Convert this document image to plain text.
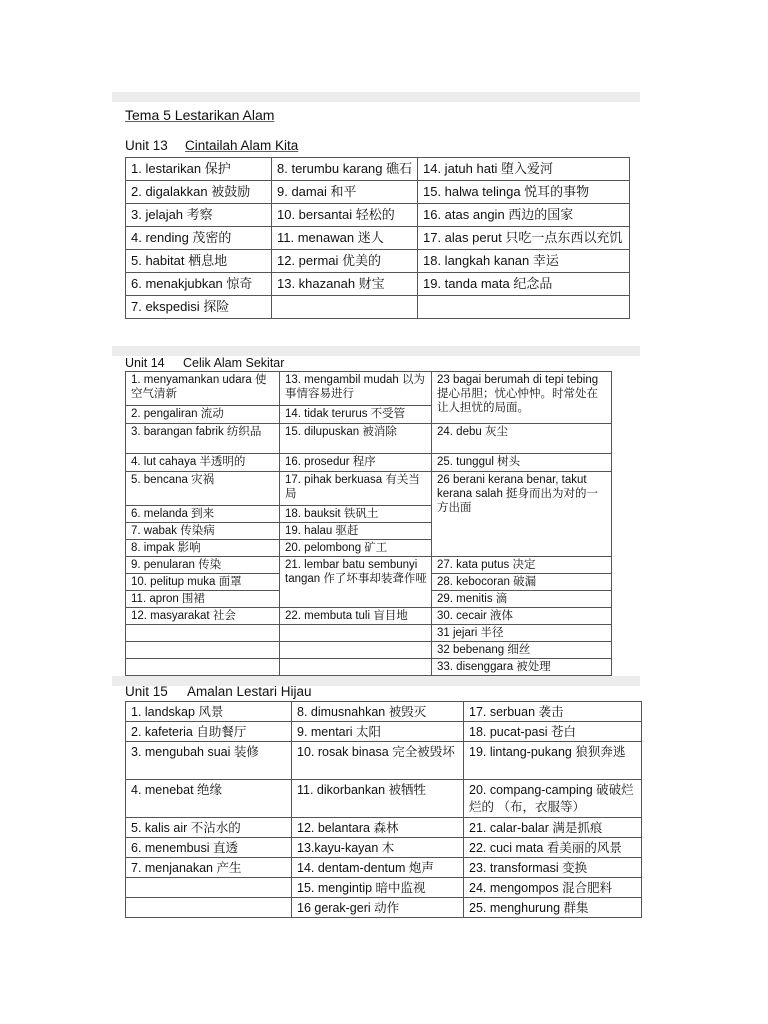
Tema 5 Lestarikan Alam
Unit 13 Cintailah Alam Kita
1. lestarikan 保护	8. terumbu karang 礁石	14. jatuh hati 堕入爱河
2. digalakkan 被鼓励	9. damai 和平	15. halwa telinga 悦耳的事物
3. jelajah 考察	10. bersantai 轻松的	16. atas angin 西边的国家
4. rending 茂密的	11. menawan 迷人	17. alas perut 只吃一点东西以充饥
5. habitat 栖息地	12. permai 优美的	18. langkah kanan 幸运
6. menakjubkan 惊奇	13. khazanah 财宝	19. tanda mata 纪念品
7. ekspedisi 探险		
Unit 14 Celik Alam Sekitar
1. menyamankan udara 使空气清新	13. mengambil mudah 以为事情容易进行	23 bagai berumah di tepi tebing 提心吊胆；忧心忡忡。时常处在让人担忧的局面。
2. pengaliran 流动	14. tidak terurus 不受管	
3. barangan fabrik 纺织品	15. dilupuskan 被消除	24. debu 灰尘
4. lut cahaya 半透明的	16. prosedur 程序	25. tunggul 树头
5. bencana 灾祸	17. pihak berkuasa 有关当局	26 berani kerana benar, takut kerana salah 挺身而出为对的一方出面
6. melanda 到来	18. bauksit 铁矾土	
7. wabak 传染病	19. halau 驱赶	
8. impak 影响	20. pelombong 矿工	
9. penularan 传染	21. lembar batu sembunyi tangan 作了坏事却装聋作哑	27. kata putus 决定
10. pelitup muka 面罩		28. kebocoran 破漏
11. apron 围裙		29. menitis 滴
12. masyarakat 社会	22. membuta tuli 盲目地	30. cecair 液体
		31 jejari 半径
		32 bebenang 细丝
		33. disenggara 被处理
Unit 15 Amalan Lestari Hijau
1. landskap 风景	8. dimusnahkan 被毁灭	17. serbuan 袭击
2. kafeteria 自助餐厅	9. mentari 太阳	18. pucat-pasi 苍白
3. mengubah suai 装修	10. rosak binasa 完全被毁坏	19. lintang-pukang 狼狈奔逃
4. menebat 绝缘	11. dikorbankan 被牺牲	20. compang-camping 破破烂烂的 （布，衣服等）
5. kalis air 不沾水的	12. belantara 森林	21. calar-balar 满是抓痕
6. menembusi 直透	13.kayu-kayan 木	22. cuci mata 看美丽的风景
7. menjanakan 产生	14. dentam-dentum 炮声	23. transformasi 变换
	15. mengintip 暗中监视	24. mengompos 混合肥料
	16 gerak-geri 动作	25. menghurung 群集
